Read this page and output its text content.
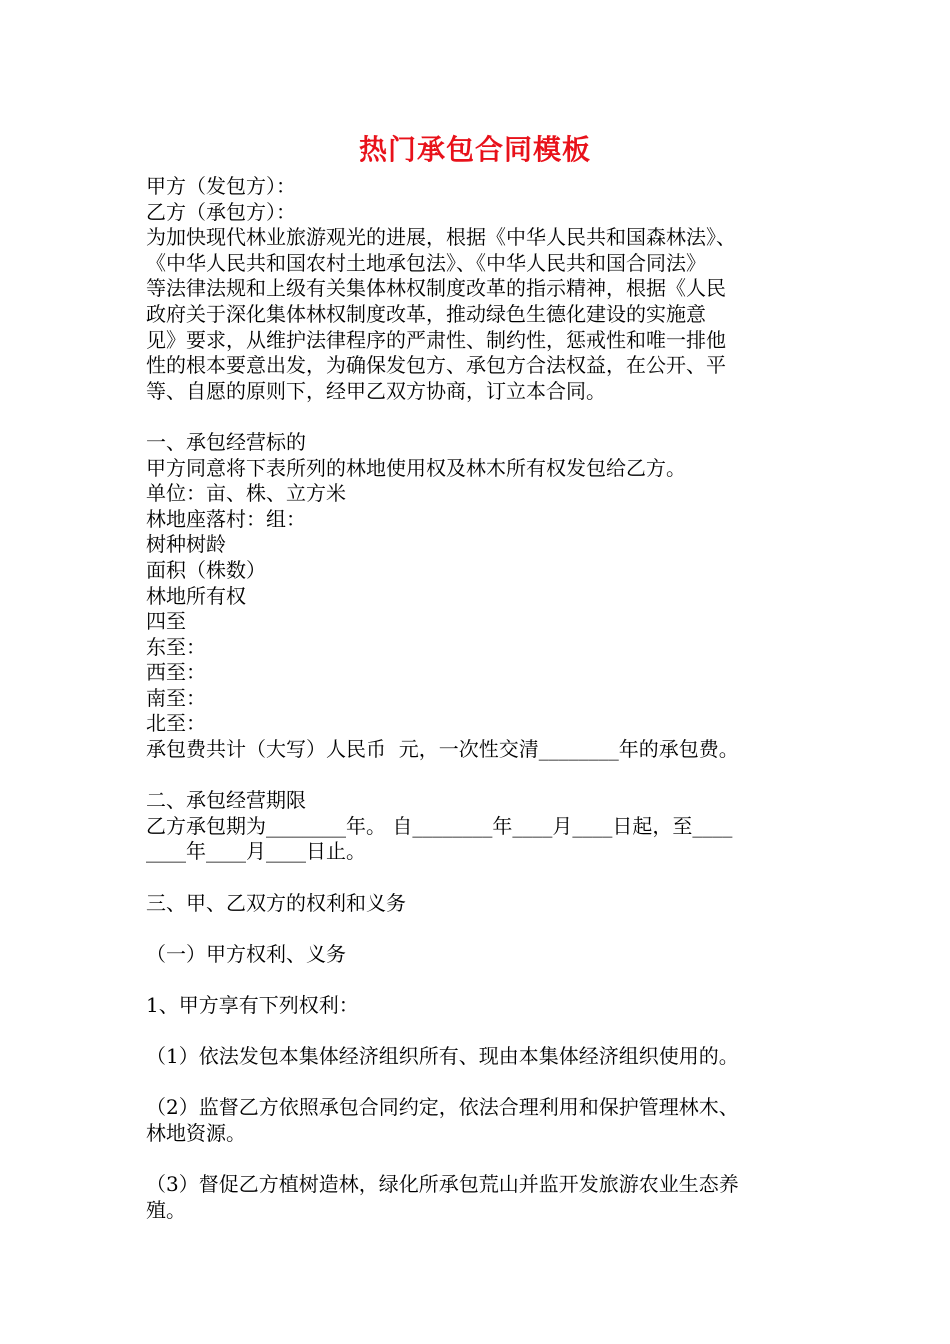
热门承包合同模板
甲方（发包方）：
乙方（承包方）：
为加快现代林业旅游观光的进展，根据《中华人民共和国森林法》、
《中华人民共和国农村土地承包法》、《中华人民共和国合同法》
等法律法规和上级有关集体林权制度改革的指示精神，根据《人民
政府关于深化集体林权制度改革，推动绿色生德化建设的实施意
见》要求，从维护法律程序的严肃性、制约性，惩戒性和唯一排他
性的根本要意出发，为确保发包方、承包方合法权益，在公开、平
等、自愿的原则下，经甲乙双方协商，订立本合同。
一、承包经营标的
甲方同意将下表所列的林地使用权及林木所有权发包给乙方。
单位：亩、株、立方米
林地座落村：组：
树种树龄
面积（株数）
林地所有权
四至
东至：
西至：
南至：
北至：
承包费共计（大写）人民币  元，一次性交清________年的承包费。
二、承包经营期限
乙方承包期为________年。 自________年____月____日起，至____
____年____月____日止。
三、甲、乙双方的权利和义务
（一）甲方权利、义务
1、甲方享有下列权利：
（1）依法发包本集体经济组织所有、现由本集体经济组织使用的。
（2）监督乙方依照承包合同约定，依法合理利用和保护管理林木、
林地资源。
（3）督促乙方植树造林，绿化所承包荒山并监开发旅游农业生态养
殖。
